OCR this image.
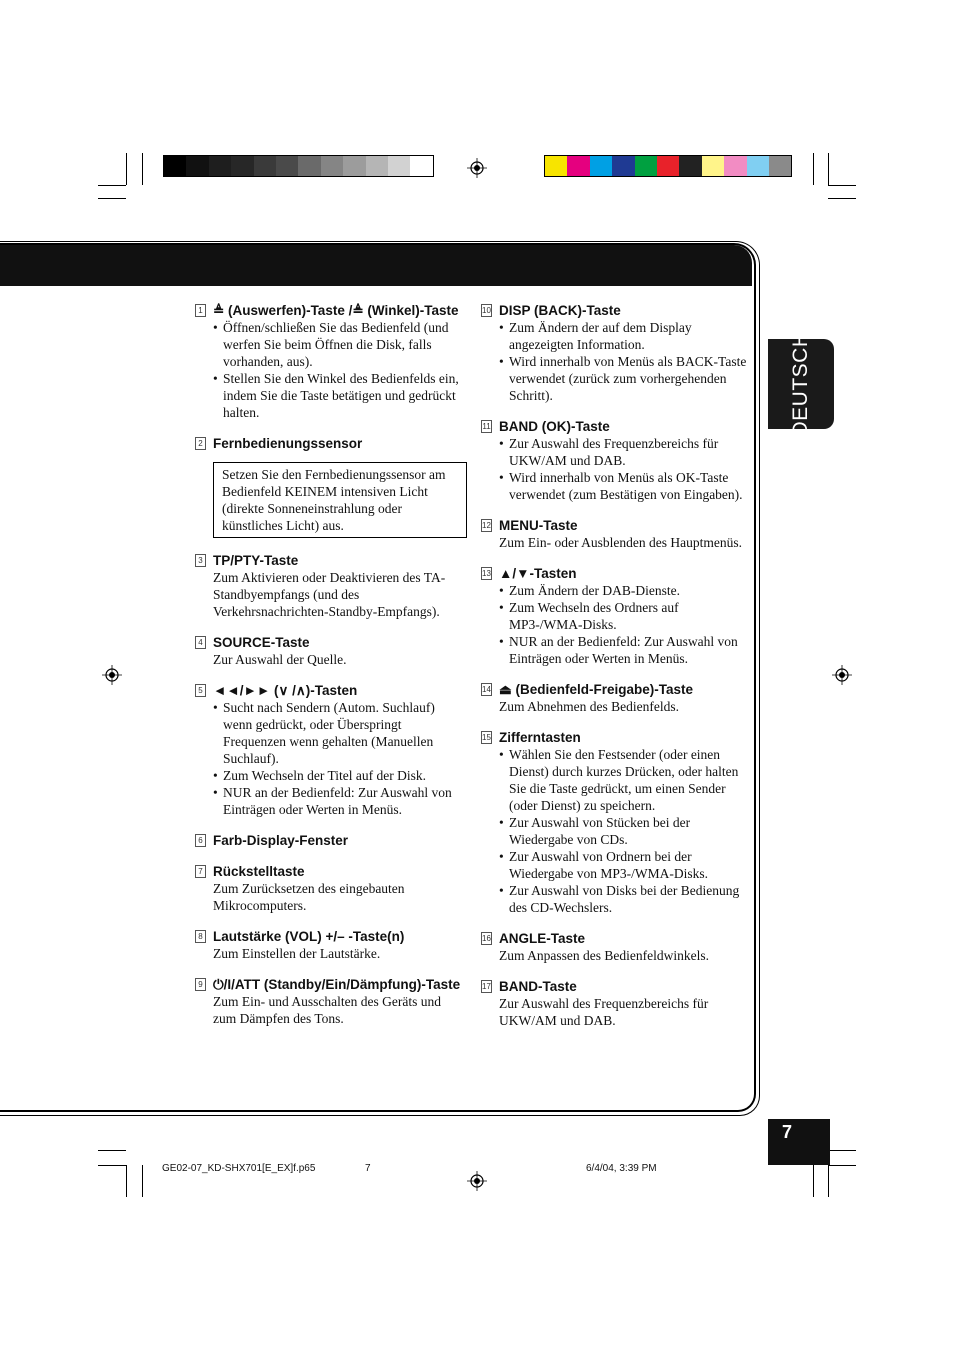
DEUTSCH
7
1 ≜ (Auswerfen)-Taste /≜ (Winkel)-Taste
• Öffnen/schließen Sie das Bedienfeld (und werfen Sie beim Öffnen die Disk, falls vorhanden, aus).
• Stellen Sie den Winkel des Bedienfelds ein, indem Sie die Taste betätigen und gedrückt halten.
2 Fernbedienungssensor
Setzen Sie den Fernbedienungssensor am Bedienfeld KEINEM intensiven Licht (direkte Sonneneinstrahlung oder künstliches Licht) aus.
3 TP/PTY-Taste
Zum Aktivieren oder Deaktivieren des TA-Standbyempfangs (und des Verkehrsnachrichten-Standby-Empfangs).
4 SOURCE-Taste
Zur Auswahl der Quelle.
5 ◄◄/►► (∨ /∧)-Tasten
• Sucht nach Sendern (Autom. Suchlauf) wenn gedrückt, oder Überspringt Frequenzen wenn gehalten (Manuellen Suchlauf).
• Zum Wechseln der Titel auf der Disk.
• NUR an der Bedienfeld: Zur Auswahl von Einträgen oder Werten in Menüs.
6 Farb-Display-Fenster
7 Rückstelltaste
Zum Zurücksetzen des eingebauten Mikrocomputers.
8 Lautstärke (VOL) +/– -Taste(n)
Zum Einstellen der Lautstärke.
9 ⏻/I/ATT (Standby/Ein/Dämpfung)-Taste
Zum Ein- und Ausschalten des Geräts und zum Dämpfen des Tons.
10 DISP (BACK)-Taste
• Zum Ändern der auf dem Display angezeigten Information.
• Wird innerhalb von Menüs als BACK-Taste verwendet (zurück zum vorhergehenden Schritt).
11 BAND (OK)-Taste
• Zur Auswahl des Frequenzbereichs für UKW/AM und DAB.
• Wird innerhalb von Menüs als OK-Taste verwendet (zum Bestätigen von Eingaben).
12 MENU-Taste
Zum Ein- oder Ausblenden des Hauptmenüs.
13 ▲/▼-Tasten
• Zum Ändern der DAB-Dienste.
• Zum Wechseln des Ordners auf MP3-/WMA-Disks.
• NUR an der Bedienfeld: Zur Auswahl von Einträgen oder Werten in Menüs.
14 ⏏ (Bedienfeld-Freigabe)-Taste
Zum Abnehmen des Bedienfelds.
15 Zifferntasten
• Wählen Sie den Festsender (oder einen Dienst) durch kurzes Drücken, oder halten Sie die Taste gedrückt, um einen Sender (oder Dienst) zu speichern.
• Zur Auswahl von Stücken bei der Wiedergabe von CDs.
• Zur Auswahl von Ordnern bei der Wiedergabe von MP3-/WMA-Disks.
• Zur Auswahl von Disks bei der Bedienung des CD-Wechslers.
16 ANGLE-Taste
Zum Anpassen des Bedienfeldwinkels.
17 BAND-Taste
Zur Auswahl des Frequenzbereichs für UKW/AM und DAB.
GE02-07_KD-SHX701[E_EX]f.p65	7	6/4/04, 3:39 PM
